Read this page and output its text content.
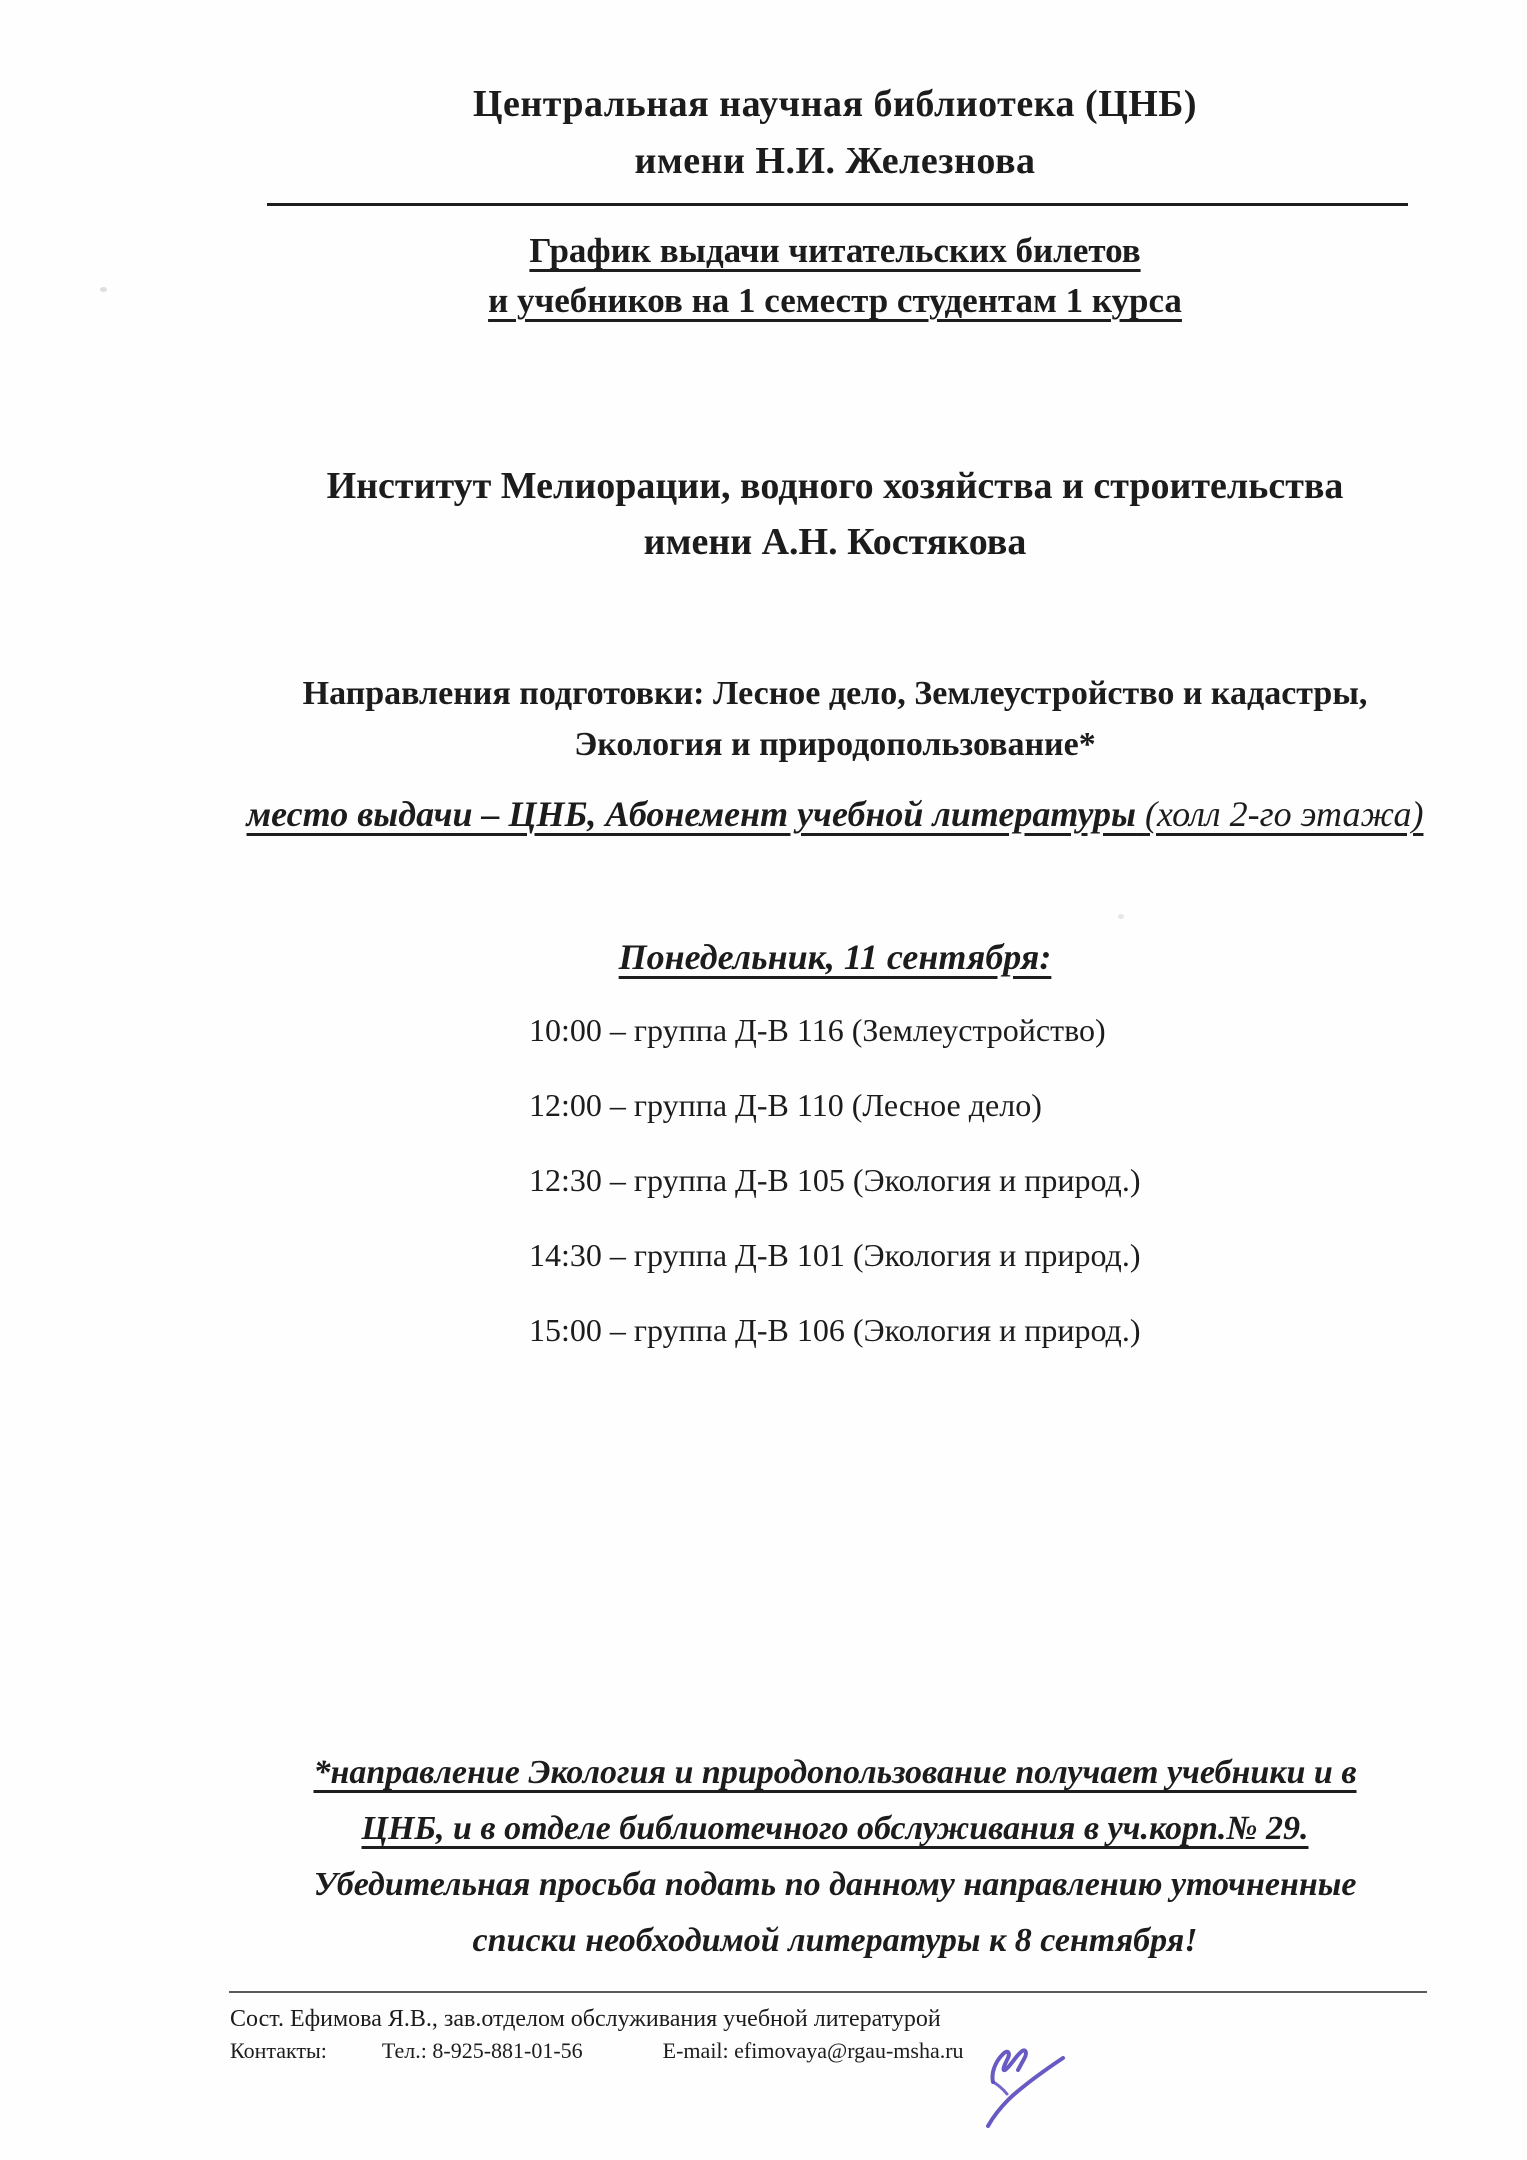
Центральная научная библиотека (ЦНБ)
имени Н.И. Железнова
График выдачи читательских билетов
и учебников на 1 семестр студентам 1 курса
Институт Мелиорации, водного хозяйства и строительства
имени А.Н. Костякова
Направления подготовки: Лесное дело, Землеустройство и кадастры,
Экология и природопользование*
место выдачи – ЦНБ, Абонемент учебной литературы (холл 2-го этажа)
Понедельник, 11 сентября:
10:00 – группа Д-В 116 (Землеустройство)
12:00 – группа Д-В 110 (Лесное дело)
12:30 – группа Д-В 105 (Экология и природ.)
14:30 – группа Д-В 101 (Экология и природ.)
15:00 – группа Д-В 106 (Экология и природ.)
*направление Экология и природопользование получает учебники и в
ЦНБ, и в отделе библиотечного обслуживания в уч.корп.№ 29.
Убедительная просьба подать по данному направлению уточненные
списки необходимой литературы к 8 сентября!
Сост. Ефимова Я.В., зав.отделом обслуживания учебной литературой
Контакты:	Тел.: 8-925-881-01-56	E-mail: efimovaya@rgau-msha.ru
